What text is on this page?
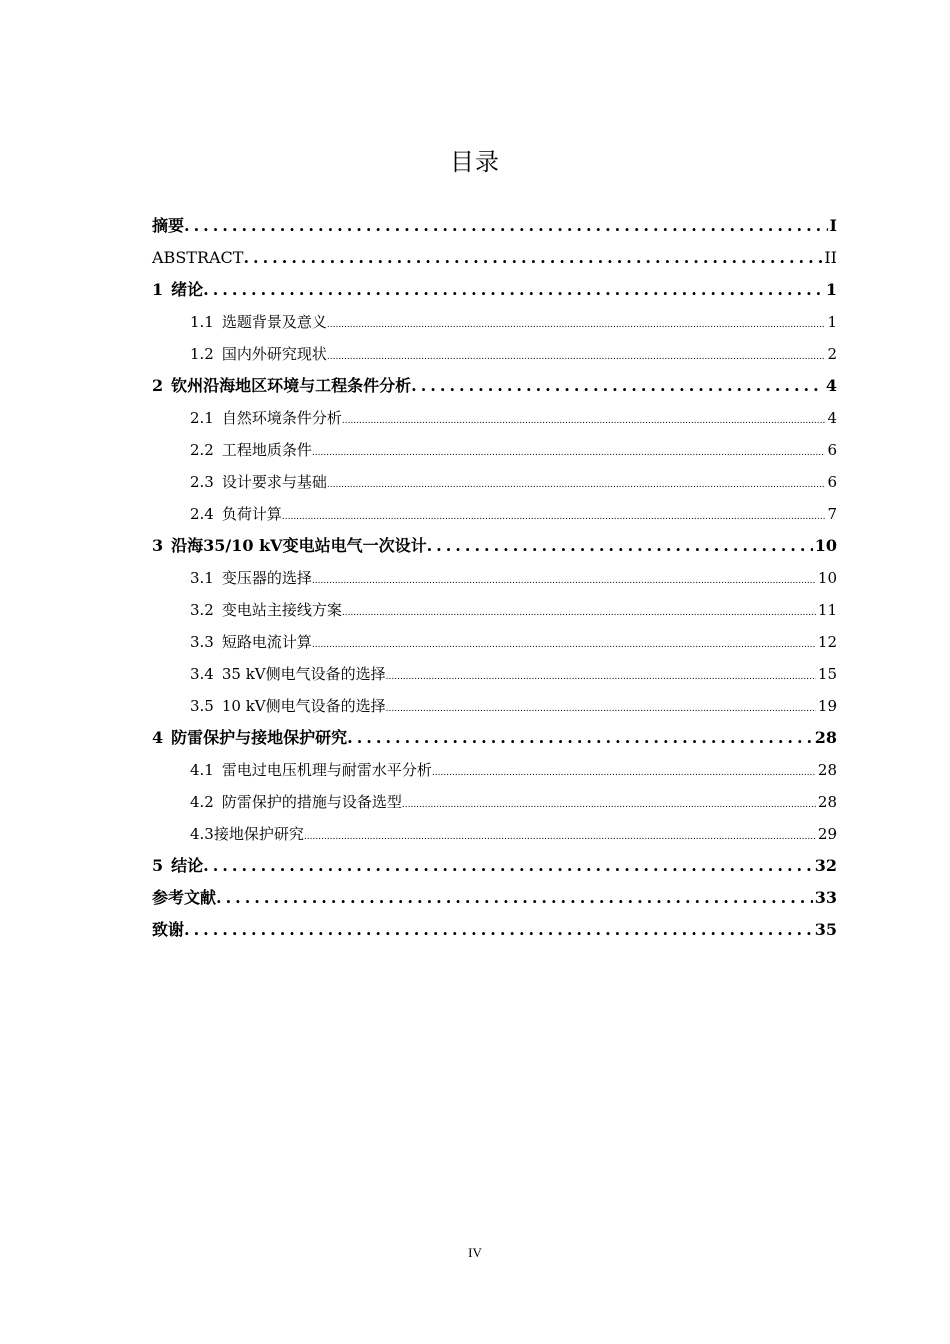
目录
摘要 .....	I
ABSTRACT .....	II
1 绪论 .....	1
1.1 选题背景及意义 .....	1
1.2 国内外研究现状 .....	2
2 钦州沿海地区环境与工程条件分析 .....	4
2.1 自然环境条件分析 .....	4
2.2 工程地质条件 .....	6
2.3 设计要求与基础 .....	6
2.4 负荷计算 .....	7
3 沿海35/10 kV变电站电气一次设计 .....	10
3.1 变压器的选择 .....	10
3.2 变电站主接线方案 .....	11
3.3 短路电流计算 .....	12
3.4 35 kV侧电气设备的选择 .....	15
3.5 10 kV侧电气设备的选择 .....	19
4 防雷保护与接地保护研究 .....	28
4.1 雷电过电压机理与耐雷水平分析 .....	28
4.2 防雷保护的措施与设备选型 .....	28
4.3 接地保护研究 .....	29
5 结论 .....	32
参考文献 .....	33
致谢 .....	35
IV
